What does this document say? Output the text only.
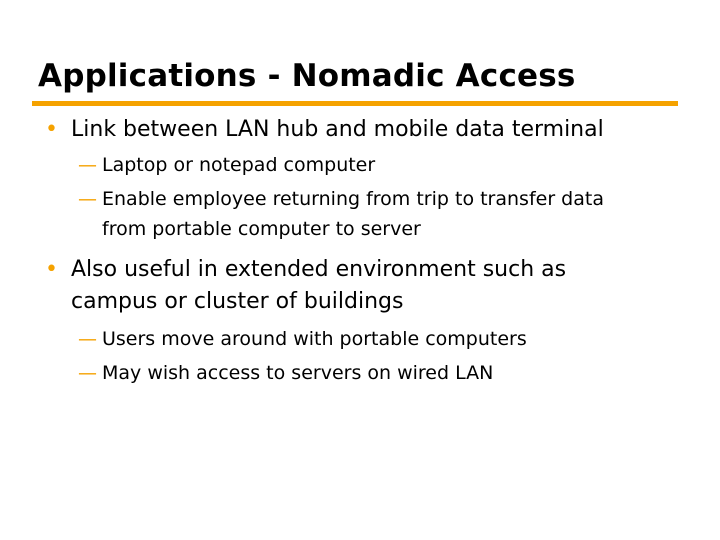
Applications - Nomadic Access
• Link between LAN hub and mobile data terminal
— Laptop or notepad computer
— Enable employee returning from trip to transfer data
from portable computer to server
• Also useful in extended environment such as
campus or cluster of buildings
— Users move around with portable computers
— May wish access to servers on wired LAN
